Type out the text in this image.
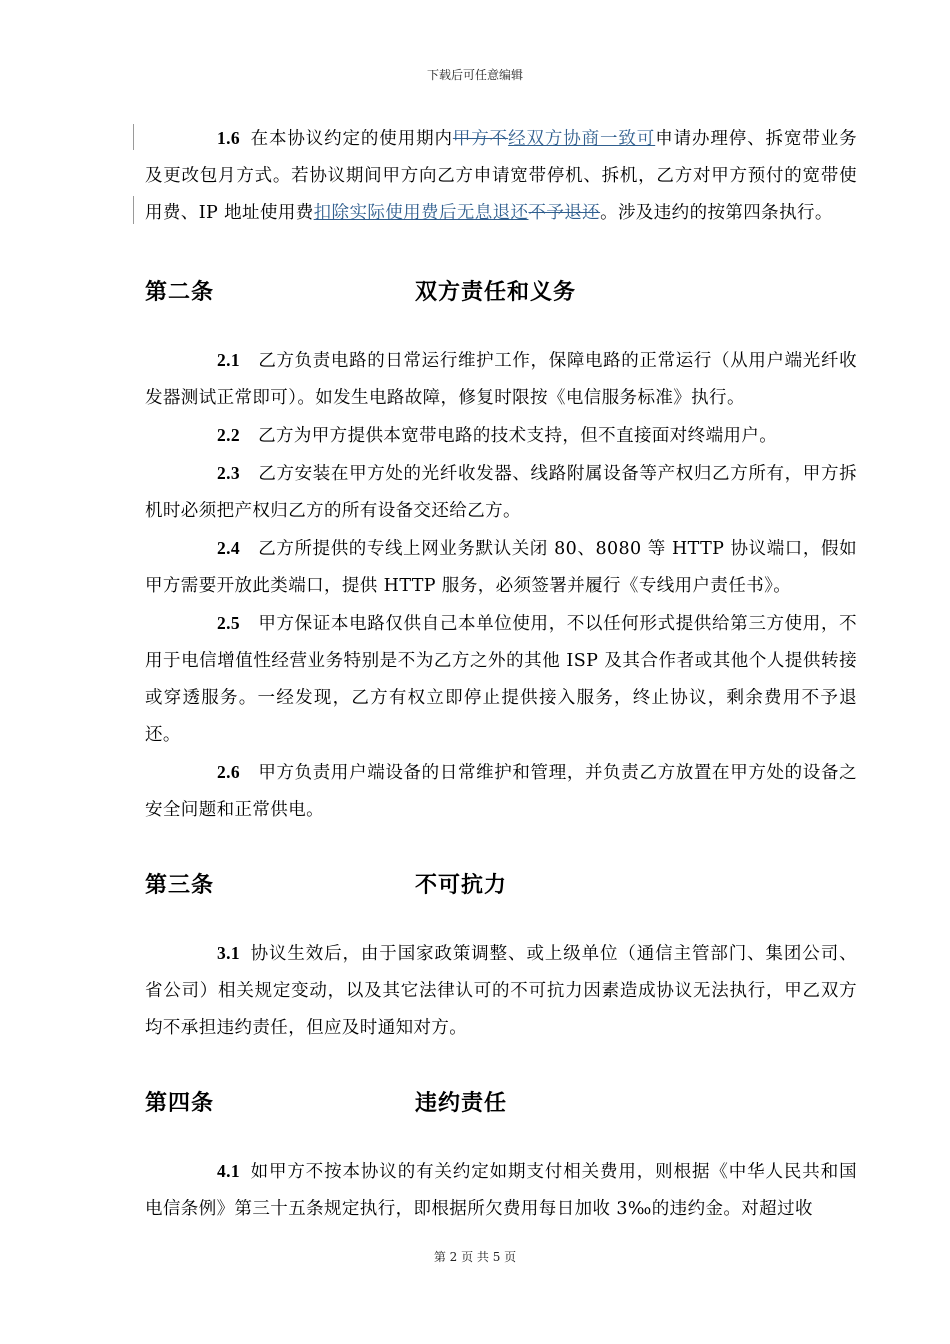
下载后可任意编辑

1.6 在本协议约定的使用期内甲方不经双方协商一致可申请办理停、拆宽带业务及更改包月方式。若协议期间甲方向乙方申请宽带停机、拆机，乙方对甲方预付的宽带使用费、IP 地址使用费扣除实际使用费后无息退还不予退还。涉及违约的按第四条执行。

第二条	双方责任和义务

2.1 乙方负责电路的日常运行维护工作，保障电路的正常运行（从用户端光纤收发器测试正常即可）。如发生电路故障，修复时限按《电信服务标准》执行。

2.2 乙方为甲方提供本宽带电路的技术支持，但不直接面对终端用户。

2.3 乙方安装在甲方处的光纤收发器、线路附属设备等产权归乙方所有，甲方拆机时必须把产权归乙方的所有设备交还给乙方。

2.4 乙方所提供的专线上网业务默认关闭 80、8080 等 HTTP 协议端口，假如甲方需要开放此类端口，提供 HTTP 服务，必须签署并履行《专线用户责任书》。

2.5 甲方保证本电路仅供自己本单位使用，不以任何形式提供给第三方使用，不用于电信增值性经营业务特别是不为乙方之外的其他 ISP 及其合作者或其他个人提供转接或穿透服务。一经发现，乙方有权立即停止提供接入服务，终止协议，剩余费用不予退还。

2.6 甲方负责用户端设备的日常维护和管理，并负责乙方放置在甲方处的设备之安全问题和正常供电。

第三条	不可抗力

3.1 协议生效后，由于国家政策调整、或上级单位（通信主管部门、集团公司、省公司）相关规定变动，以及其它法律认可的不可抗力因素造成协议无法执行，甲乙双方均不承担违约责任，但应及时通知对方。

第四条	违约责任

4.1 如甲方不按本协议的有关约定如期支付相关费用，则根据《中华人民共和国电信条例》第三十五条规定执行，即根据所欠费用每日加收 3‰的违约金。对超过收

第 2 页 共 5 页
